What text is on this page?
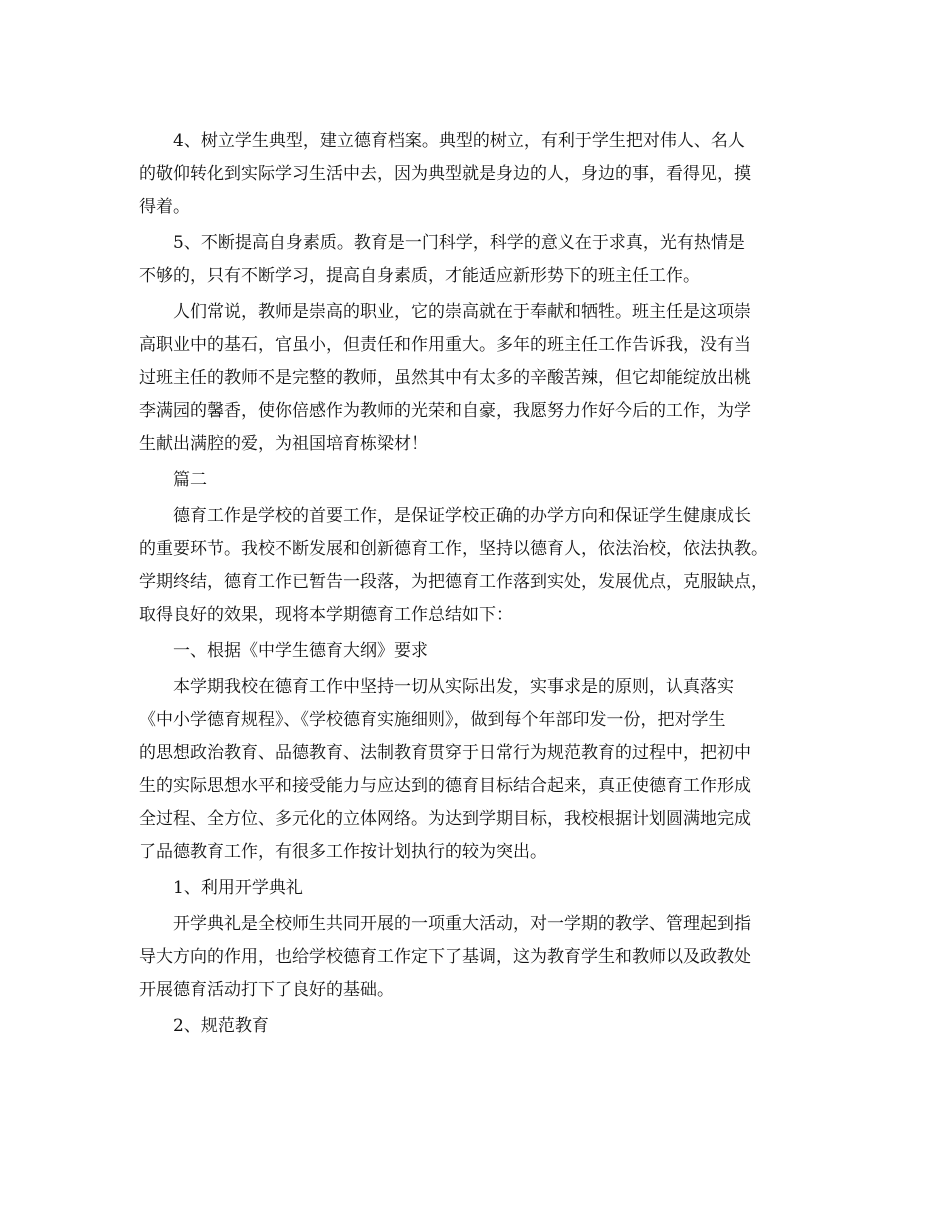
4、树立学生典型，建立德育档案。典型的树立，有利于学生把对伟人、名人
的敬仰转化到实际学习生活中去，因为典型就是身边的人，身边的事，看得见，摸
得着。
5、不断提高自身素质。教育是一门科学，科学的意义在于求真，光有热情是
不够的，只有不断学习，提高自身素质，才能适应新形势下的班主任工作。
人们常说，教师是崇高的职业，它的崇高就在于奉献和牺牲。班主任是这项崇
高职业中的基石，官虽小，但责任和作用重大。多年的班主任工作告诉我，没有当
过班主任的教师不是完整的教师，虽然其中有太多的辛酸苦辣，但它却能绽放出桃
李满园的馨香，使你倍感作为教师的光荣和自豪，我愿努力作好今后的工作，为学
生献出满腔的爱，为祖国培育栋梁材！
篇二
德育工作是学校的首要工作，是保证学校正确的办学方向和保证学生健康成长
的重要环节。我校不断发展和创新德育工作，坚持以德育人，依法治校，依法执教。
学期终结，德育工作已暂告一段落，为把德育工作落到实处，发展优点，克服缺点，
取得良好的效果，现将本学期德育工作总结如下：
一、根据《中学生德育大纲》要求
本学期我校在德育工作中坚持一切从实际出发，实事求是的原则，认真落实
《中小学德育规程》、《学校德育实施细则》，做到每个年部印发一份，把对学生
的思想政治教育、品德教育、法制教育贯穿于日常行为规范教育的过程中，把初中
生的实际思想水平和接受能力与应达到的德育目标结合起来，真正使德育工作形成
全过程、全方位、多元化的立体网络。为达到学期目标，我校根据计划圆满地完成
了品德教育工作，有很多工作按计划执行的较为突出。
1、利用开学典礼
开学典礼是全校师生共同开展的一项重大活动，对一学期的教学、管理起到指
导大方向的作用，也给学校德育工作定下了基调，这为教育学生和教师以及政教处
开展德育活动打下了良好的基础。
2、规范教育
